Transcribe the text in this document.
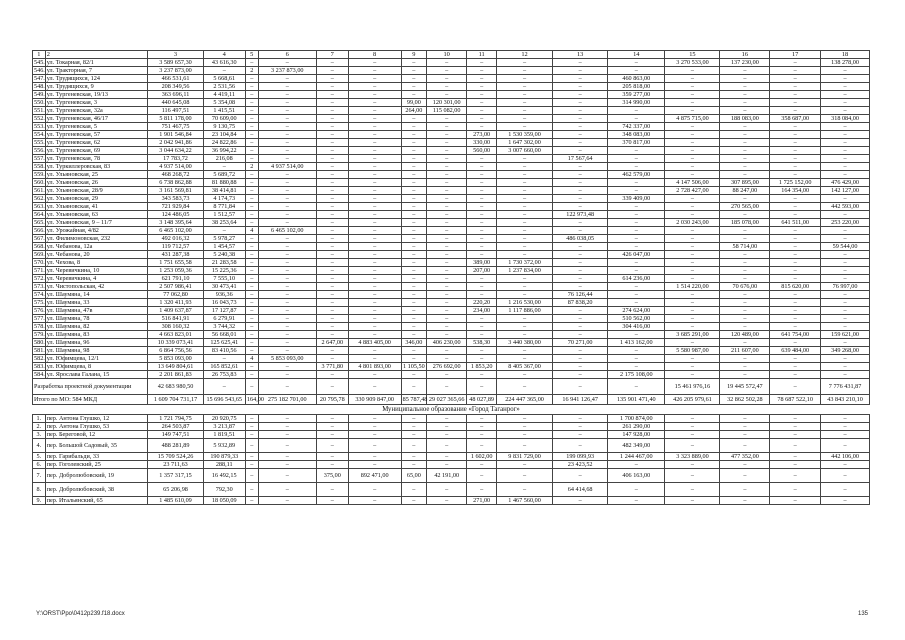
1	2	3	4	5	6	7	8	9	10	11	12	13	14	15	16	17	18
545.	ул. Токарная, 82/1	3 589 657,30	43 616,30	–	–	–	–	–	–	–	–	–	–	3 270 533,00	137 230,00	–	138 278,00
546.	ул. Тракторная, 7	3 237 873,00	–	2	3 237 873,00	–	–	–	–	–	–	–	–	–	–	–	–
547.	ул. Трудящихся, 124	466 531,61	5 668,61	–	–	–	–	–	–	–	–	–	460 863,00	–	–	–	–
548.	ул. Трудящихся, 9	208 349,56	2 531,56	–	–	–	–	–	–	–	–	–	205 818,00	–	–	–	–
549.	ул. Тургеневская, 19/13	363 696,11	4 419,11	–	–	–	–	–	–	–	–	–	359 277,00	–	–	–	–
550.	ул. Тургеневская, 3	440 645,08	5 354,08	–	–	–	–	99,00	120 301,00	–	–	–	314 990,00	–	–	–	–
551.	ул. Тургеневская, 32а	116 497,51	1 415,51	–	–	–	–	264,00	115 082,00	–	–	–	–	–	–	–	–
552.	ул. Тургеневская, 46/17	5 811 178,00	70 609,00	–	–	–	–	–	–	–	–	–	–	4 875 715,00	188 083,00	358 687,00	318 084,00
553.	ул. Тургеневская, 5	751 467,75	9 130,75	–	–	–	–	–	–	–	–	–	742 337,00	–	–	–	–
554.	ул. Тургеневская, 57	1 901 546,84	23 104,84	–	–	–	–	–	–	273,00	1 530 359,00	–	348 083,00	–	–	–	–
555.	ул. Тургеневская, 62	2 042 941,86	24 822,86	–	–	–	–	–	–	330,00	1 647 302,00	–	370 817,00	–	–	–	–
556.	ул. Тургеневская, 69	3 044 634,22	36 994,22	–	–	–	–	–	–	560,00	3 007 660,00	–	–	–	–	–	–
557.	ул. Тургеневская, 78	17 783,72	216,08	–	–	–	–	–	–	–	–	17 567,64	–	–	–	–	–
558.	ул. Туркиллеровская, 83	4 937 514,00	–	2	4 937 514,00	–	–	–	–	–	–	–	–	–	–	–	–
559.	ул. Ульяновская, 25	468 268,72	5 689,72	–	–	–	–	–	–	–	–	–	462 579,00	–	–	–	–
560.	ул. Ульяновская, 26	6 738 862,88	81 880,88	–	–	–	–	–	–	–	–	–	–	4 147 506,00	307 895,00	1 725 152,00	476 429,00
561.	ул. Ульяновская, 28/9	3 161 569,81	38 414,81	–	–	–	–	–	–	–	–	–	–	2 728 427,00	88 247,00	164 354,00	142 127,00
562.	ул. Ульяновская, 29	343 583,73	4 174,73	–	–	–	–	–	–	–	–	–	339 409,00	–	–	–	–
563.	ул. Ульяновская, 41	721 929,84	8 771,84	–	–	–	–	–	–	–	–	–	–	–	270 565,00	–	442 593,00
564.	ул. Ульяновская, 63	124 486,05	1 512,57	–	–	–	–	–	–	–	–	122 973,48	–	–	–	–	–
565.	ул. Ульяновская, 9 – 11/7	3 148 395,64	38 253,64	–	–	–	–	–	–	–	–	–	–	2 030 243,00	185 078,00	641 511,00	253 220,00
566.	ул. Урожайная, 4/82	6 465 102,00	–	4	6 465 102,00	–	–	–	–	–	–	–	–	–	–	–	–
567.	ул. Филимоновская, 232	492 016,32	5 978,27	–	–	–	–	–	–	–	–	486 038,05	–	–	–	–	–
568.	ул. Чебанова, 12а	119 712,57	1 454,57	–	–	–	–	–	–	–	–	–	–	–	58 714,00	–	59 544,00
569.	ул. Чебанова, 20	431 287,38	5 240,38	–	–	–	–	–	–	–	–	–	426 047,00	–	–	–	–
570.	ул. Чехова, 8	1 751 655,58	21 283,58	–	–	–	–	–	–	389,00	1 730 372,00	–	–	–	–	–	–
571.	ул. Черевичкина, 10	1 253 059,36	15 225,36	–	–	–	–	–	–	207,00	1 237 834,00	–	–	–	–	–	–
572.	ул. Черевичкина, 4	621 791,10	7 555,10	–	–	–	–	–	–	–	–	–	614 236,00	–	–	–	–
573.	ул. Чистопольская, 42	2 507 986,41	30 473,41	–	–	–	–	–	–	–	–	–	–	1 514 220,00	70 676,00	815 620,00	76 997,00
574.	ул. Шаумяна, 14	77 062,80	936,36	–	–	–	–	–	–	–	–	76 126,44	–	–	–	–	–
575.	ул. Шаумяна, 33	1 320 411,93	16 043,73	–	–	–	–	–	–	220,20	1 216 530,00	87 838,20	–	–	–	–	–
576.	ул. Шаумяна, 47в	1 409 637,87	17 127,87	–	–	–	–	–	–	234,00	1 117 886,00	–	274 624,00	–	–	–	–
577.	ул. Шаумяна, 78	516 841,91	6 279,91	–	–	–	–	–	–	–	–	–	510 562,00	–	–	–	–
578.	ул. Шаумяна, 82	308 160,32	3 744,32	–	–	–	–	–	–	–	–	–	304 416,00	–	–	–	–
579.	ул. Шаумяна, 83	4 663 823,01	56 668,01	–	–	–	–	–	–	–	–	–	–	3 685 291,00	120 489,00	641 754,00	159 621,00
580.	ул. Шаумяна, 96	10 339 073,41	125 625,41	–	–	2 647,00	4 883 405,00	346,00	406 230,00	538,30	3 440 380,00	70 271,00	1 413 162,00	–	–	–	–
581.	ул. Шаумяна, 98	6 864 756,56	83 410,56	–	–	–	–	–	–	–	–	–	–	5 580 987,00	211 607,00	639 484,00	349 268,00
582.	ул. Юфимцева, 12/1	5 853 093,00	–	4	5 853 093,00	–	–	–	–	–	–	–	–	–	–	–	–
583.	ул. Юфимцева, 8	13 649 804,61	165 852,61	–	–	3 771,80	4 801 893,00	1 105,50	276 692,00	1 853,20	8 405 367,00	–	–	–	–	–	–
584.	ул. Ярослава Галана, 15	2 201 861,83	26 753,83	–	–	–	–	–	–	–	–	–	2 175 108,00	–	–	–	–
Разработка проектной документации		42 683 980,50	–	–	–	–	–	–	–	–	–	–	–	15 461 976,16	19 445 572,47	–	7 776 431,87
Итого по МО: 584 МКД		1 609 704 731,17	15 696 543,65	164,00	275 182 701,00	20 795,78	330 909 847,00	85 787,48	29 027 365,66	48 027,89	224 447 365,00	16 941 126,47	135 901 471,40	426 205 979,61	32 862 502,28	78 687 522,10	43 843 210,10
Муниципальное образование «Город Таганрог»																	
1.	пер. Антона Глушко, 12	1 721 794,75	20 920,75	–	–	–	–	–	–	–	–	–	1 700 874,00	–	–	–	–
2.	пер. Антона Глушко, 53	264 503,87	3 213,87	–	–	–	–	–	–	–	–	–	261 290,00	–	–	–	–
3.	пер. Береговой, 12	149 747,51	1 819,51	–	–	–	–	–	–	–	–	–	147 928,00	–	–	–	–
4.	пер. Большой Садовый, 35	488 281,89	5 932,89	–	–	–	–	–	–	–	–	–	482 349,00	–	–	–	–
5.	пер. Гарибальди, 33	15 709 524,26	190 879,33	–	–	–	–	–	–	1 602,00	9 831 729,00	199 099,93	1 244 467,00	3 323 889,00	477 352,00	–	442 106,00
6.	пер. Гоголевский, 25	23 711,63	288,11	–	–	–	–	–	–	–	–	23 423,52	–	–	–	–	–
7.	пер. Добролюбовский, 19	1 357 317,15	16 492,15	–	–	375,00	892 471,00	65,00	42 191,00	–	–	–	406 163,00	–	–	–	–
8.	пер. Добролюбовский, 38	65 206,98	792,30	–	–	–	–	–	–	–	–	64 414,68	–	–	–	–	–
9.	пер. Итальянский, 65	1 485 610,09	18 050,09	–	–	–	–	–	–	271,00	1 467 560,00	–	–	–	–	–	–
Y:\ORST\Ppo\0412p239.f18.docx	135
